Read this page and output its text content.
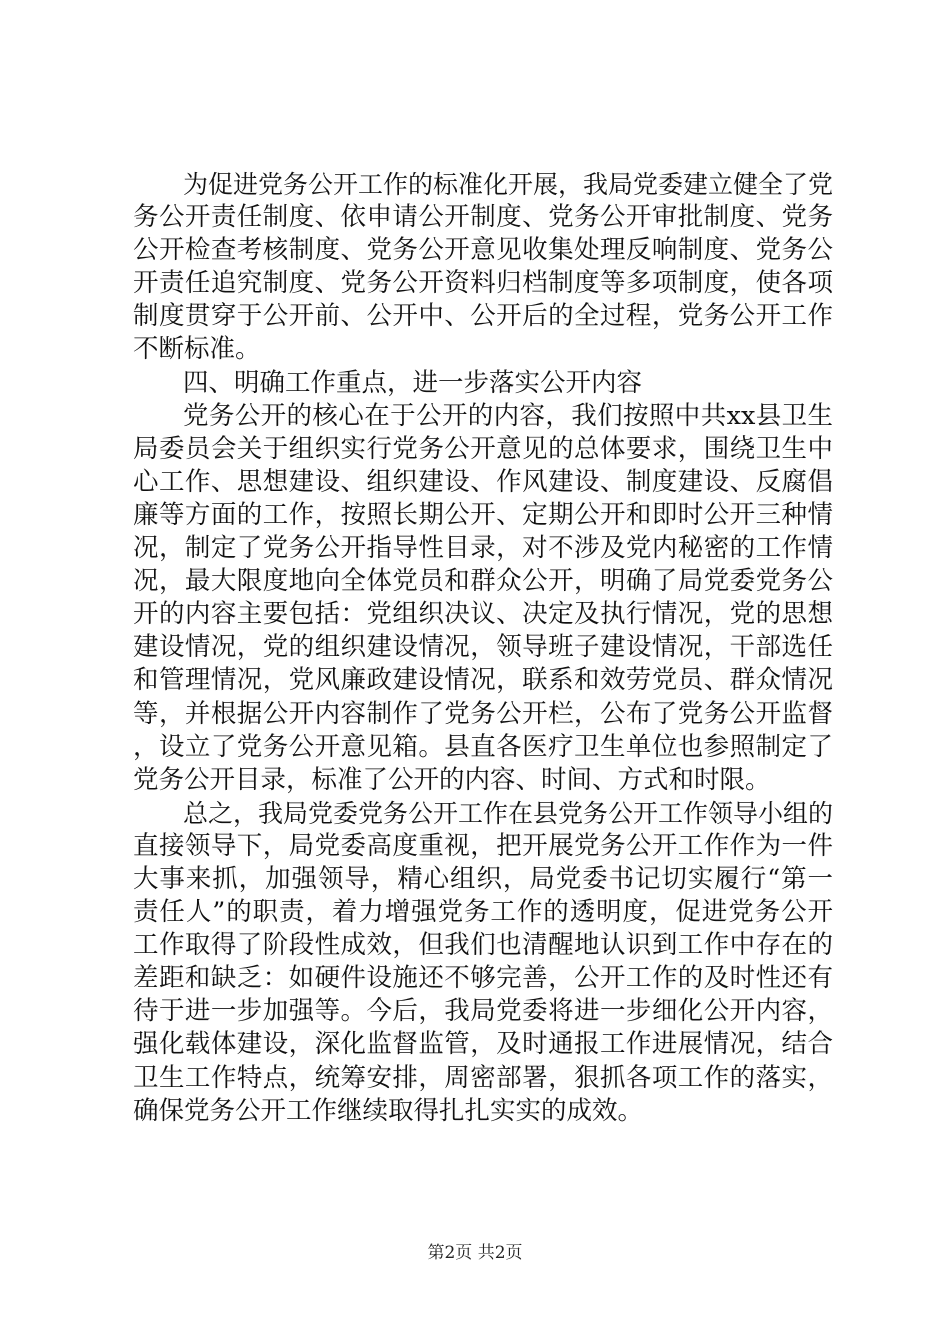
为促进党务公开工作的标准化开展，我局党委建立健全了党
务公开责任制度、依申请公开制度、党务公开审批制度、党务
公开检查考核制度、党务公开意见收集处理反响制度、党务公
开责任追究制度、党务公开资料归档制度等多项制度，使各项
制度贯穿于公开前、公开中、公开后的全过程，党务公开工作
不断标准。
四、明确工作重点，进一步落实公开内容
党务公开的核心在于公开的内容，我们按照中共xx县卫生
局委员会关于组织实行党务公开意见的总体要求，围绕卫生中
心工作、思想建设、组织建设、作风建设、制度建设、反腐倡
廉等方面的工作，按照长期公开、定期公开和即时公开三种情
况，制定了党务公开指导性目录，对不涉及党内秘密的工作情
况，最大限度地向全体党员和群众公开，明确了局党委党务公
开的内容主要包括：党组织决议、决定及执行情况，党的思想
建设情况，党的组织建设情况，领导班子建设情况，干部选任
和管理情况，党风廉政建设情况，联系和效劳党员、群众情况
等，并根据公开内容制作了党务公开栏，公布了党务公开监督
，设立了党务公开意见箱。县直各医疗卫生单位也参照制定了
党务公开目录，标准了公开的内容、时间、方式和时限。
总之，我局党委党务公开工作在县党务公开工作领导小组的
直接领导下，局党委高度重视，把开展党务公开工作作为一件
大事来抓，加强领导，精心组织，局党委书记切实履行“第一
责任人”的职责，着力增强党务工作的透明度，促进党务公开
工作取得了阶段性成效，但我们也清醒地认识到工作中存在的
差距和缺乏：如硬件设施还不够完善，公开工作的及时性还有
待于进一步加强等。今后，我局党委将进一步细化公开内容，
强化载体建设，深化监督监管，及时通报工作进展情况，结合
卫生工作特点，统筹安排，周密部署，狠抓各项工作的落实，
确保党务公开工作继续取得扎扎实实的成效。
第2页 共2页
